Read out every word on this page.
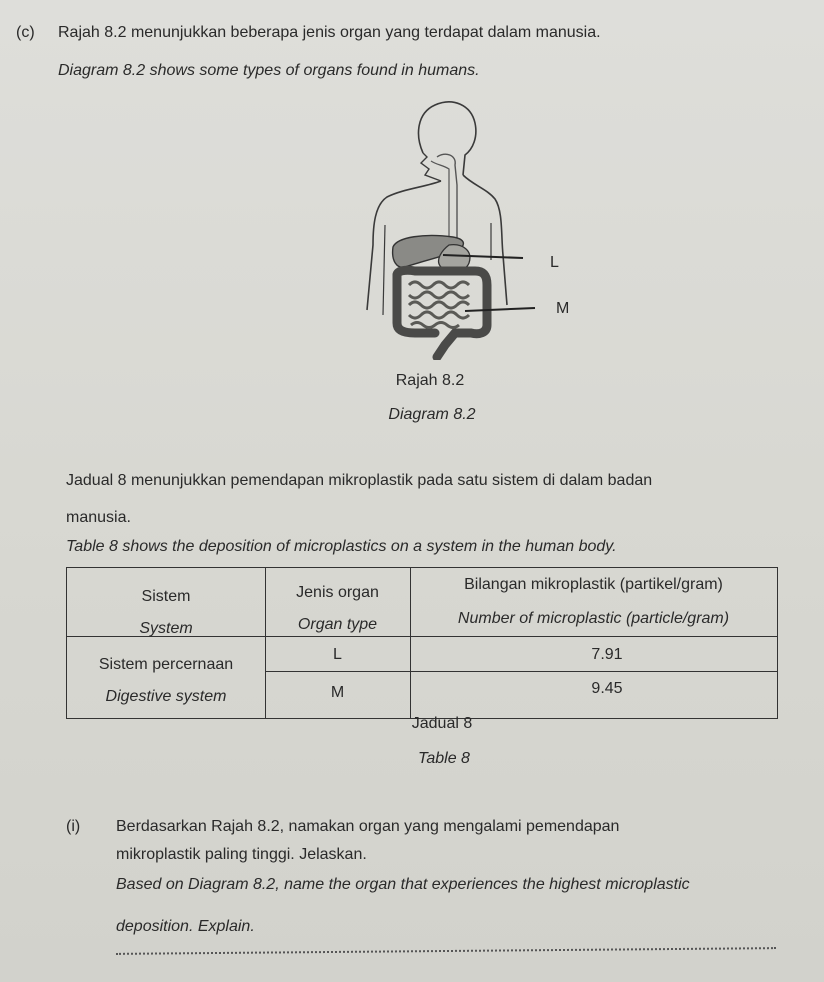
(c) Rajah 8.2 menunjukkan beberapa jenis organ yang terdapat dalam manusia.
Diagram 8.2 shows some types of organs found in humans.
L
M
Rajah 8.2
Diagram 8.2
Jadual 8 menunjukkan pemendapan mikroplastik pada satu sistem di dalam badan
manusia.
Table 8 shows the deposition of microplastics on a system in the human body.
Sistem
System
Jenis organ
Organ type
Bilangan mikroplastik (partikel/gram)
Number of microplastic (particle/gram)
Sistem percernaan
Digestive system
L	7.91
M	9.45
Jadual 8
Table 8
(i) Berdasarkan Rajah 8.2, namakan organ yang mengalami pemendapan
mikroplastik paling tinggi. Jelaskan.
Based on Diagram 8.2, name the organ that experiences the highest microplastic
deposition. Explain.
